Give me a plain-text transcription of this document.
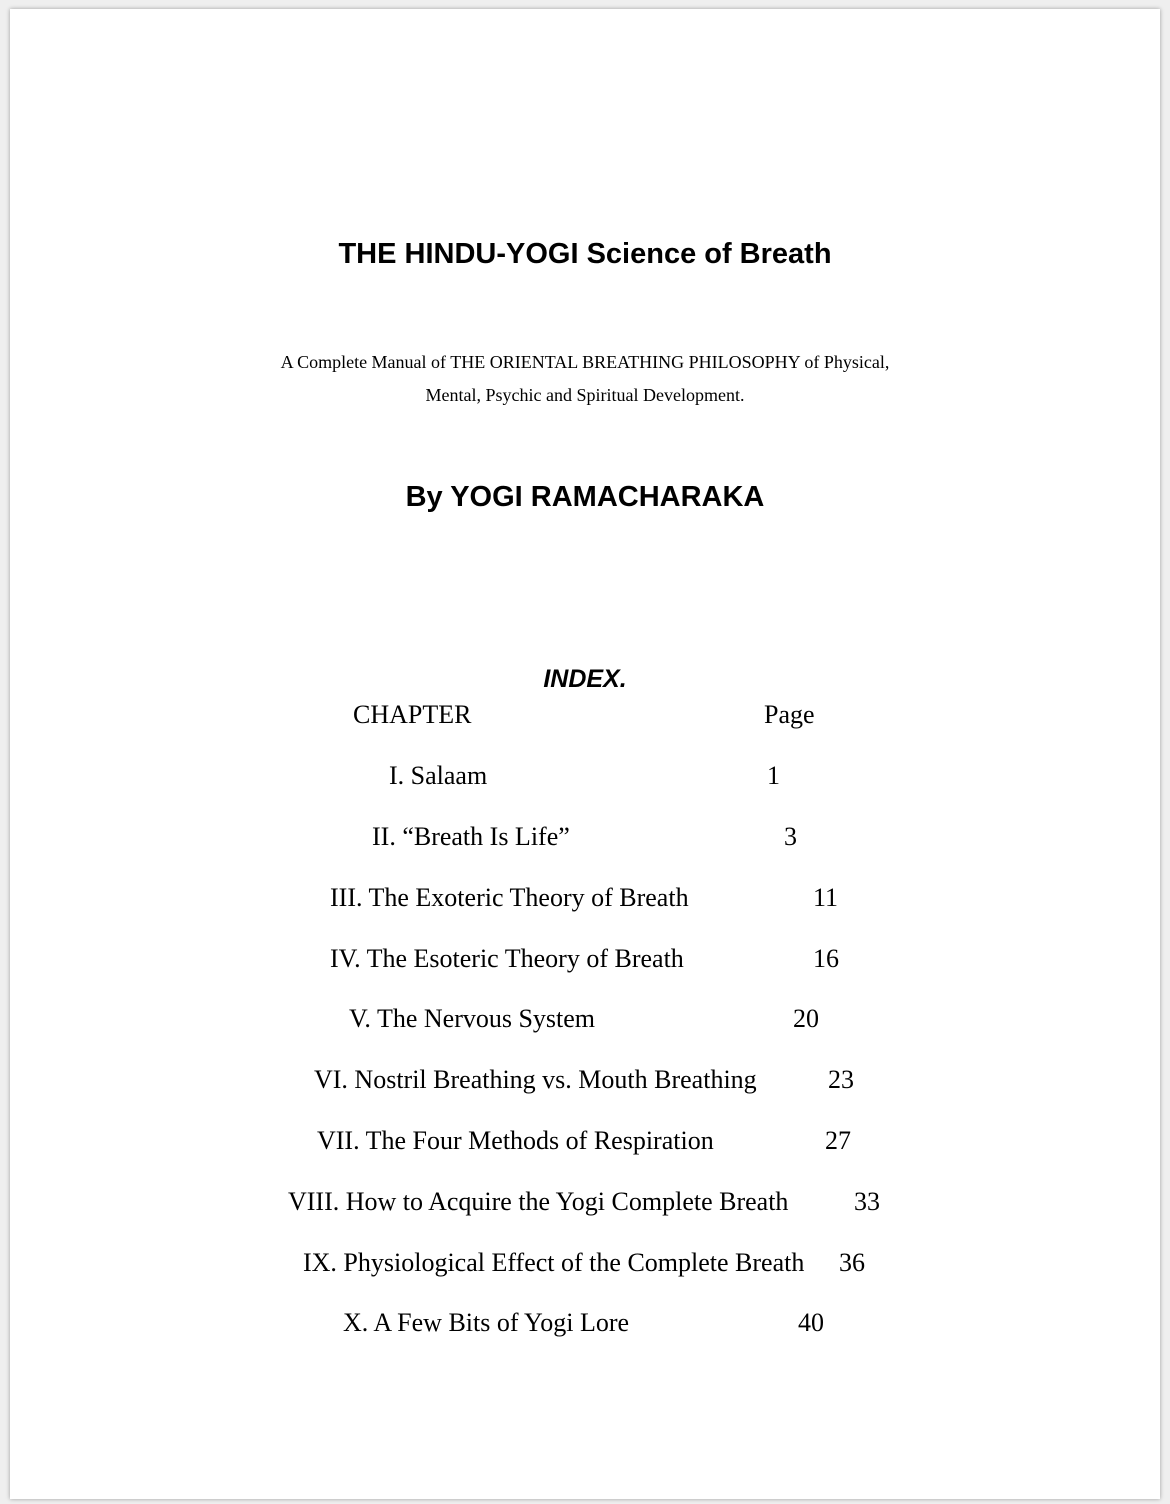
THE HINDU-YOGI Science of Breath
A Complete Manual of THE ORIENTAL BREATHING PHILOSOPHY of Physical,
Mental, Psychic and Spiritual Development.
By YOGI RAMACHARAKA
INDEX.
CHAPTER	Page
I. Salaam	1
II. “Breath Is Life”	3
III. The Exoteric Theory of Breath	11
IV. The Esoteric Theory of Breath	16
V. The Nervous System	20
VI. Nostril Breathing vs. Mouth Breathing	23
VII. The Four Methods of Respiration	27
VIII. How to Acquire the Yogi Complete Breath	33
IX. Physiological Effect of the Complete Breath 36
X. A Few Bits of Yogi Lore	40
